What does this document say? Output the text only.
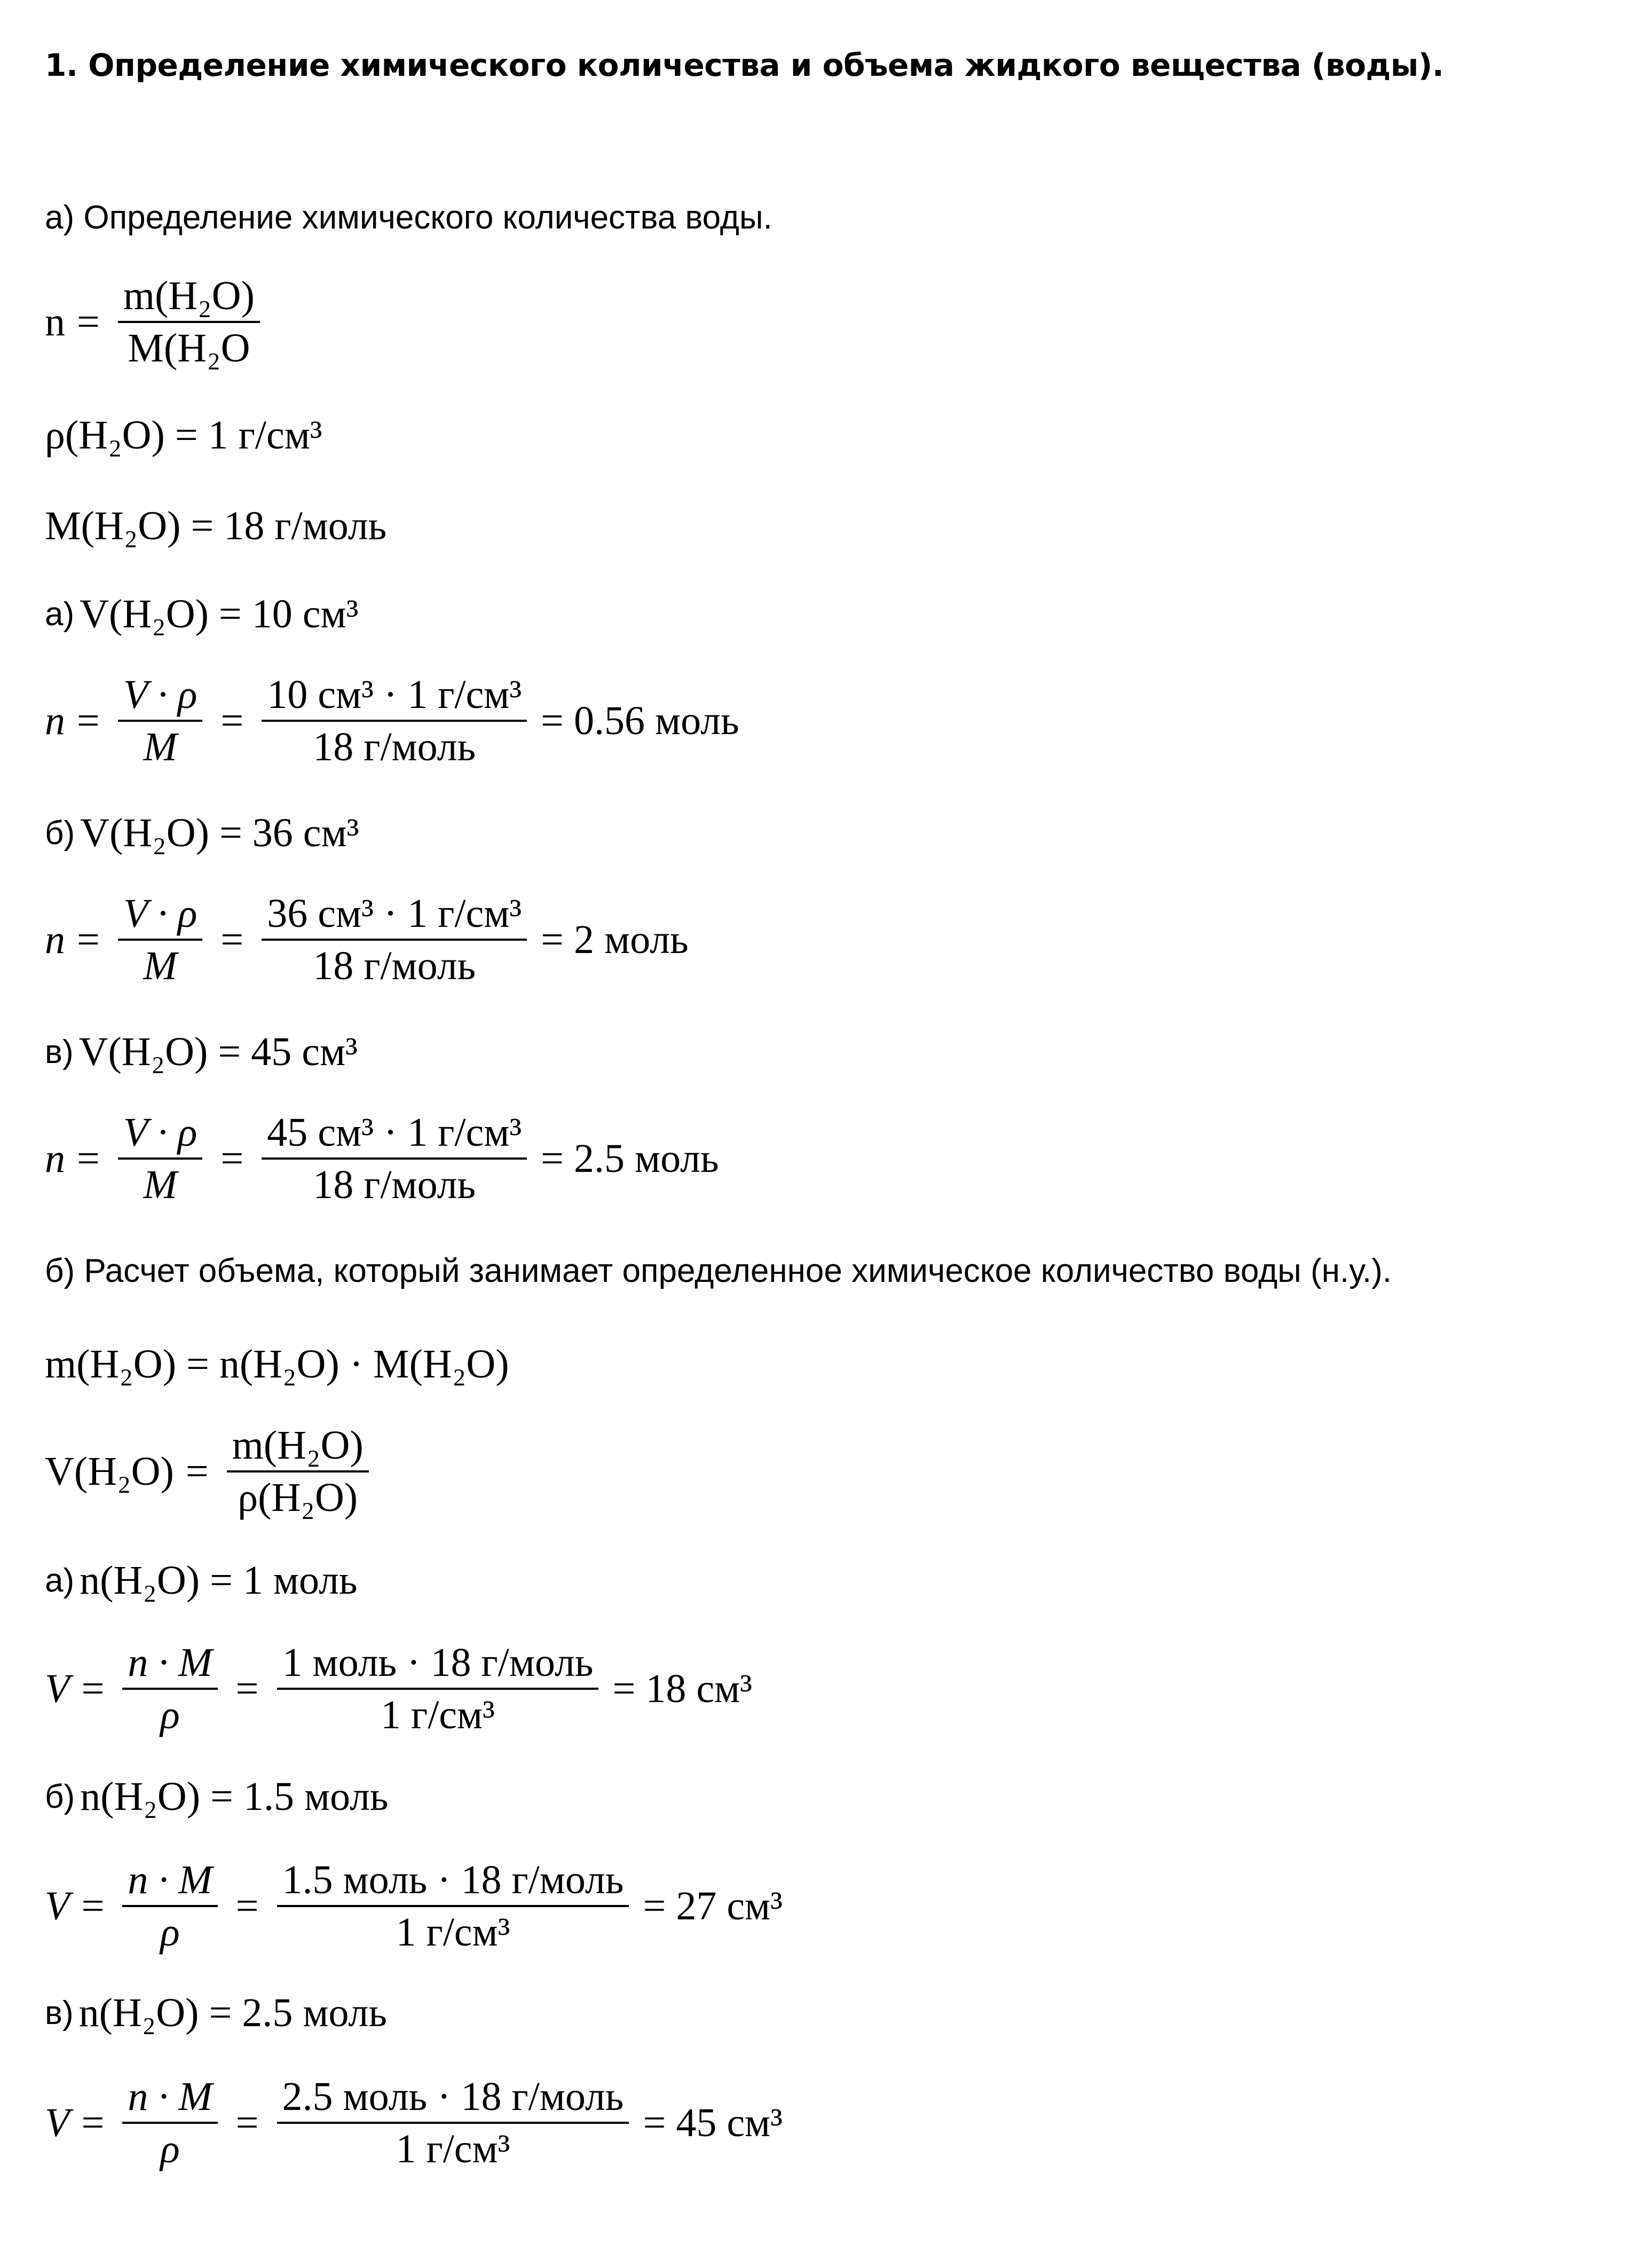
1. Определение химического количества и объема жидкого вещества (воды).
а) Определение химического количества воды.
$n = \frac{\text{m(H₂O)}}{\text{M(H₂O}}$
ρ(H₂O) = 1 г/см³
M(H₂O) = 18 г/моль
а) V(H₂O) = 10 см³
$n = \frac{V \cdot \rho}{M} = \frac{\text{10 см³ · 1 г/см³}}{\text{18 г/моль}} = 0.56$ моль
б) V(H₂O) = 36 см³
$n = \frac{V \cdot \rho}{M} = \frac{\text{36 см³ · 1 г/см³}}{\text{18 г/моль}} = 2$ моль
в) V(H₂O) = 45 см³
$n = \frac{V \cdot \rho}{M} = \frac{\text{45 см³ · 1 г/см³}}{\text{18 г/моль}} = 2.5$ моль
б) Расчет объема, который занимает определенное химическое количество воды (н.у.).
m(H₂O) = n(H₂O) · M(H₂O)
$V(H_2O) = \frac{\text{m(H₂O)}}{\text{ρ(H₂O)}}$
а) n(H₂O) = 1 моль
$V = \frac{n \cdot M}{\rho} = \frac{\text{1 моль · 18 г/моль}}{\text{1 г/см³}} = 18$ см³
б) n(H₂O) = 1.5 моль
$V = \frac{n \cdot M}{\rho} = \frac{\text{1.5 моль · 18 г/моль}}{\text{1 г/см³}} = 27$ см³
в) n(H₂O) = 2.5 моль
$V = \frac{n \cdot M}{\rho} = \frac{\text{2.5 моль · 18 г/моль}}{\text{1 г/см³}} = 45$ см³
